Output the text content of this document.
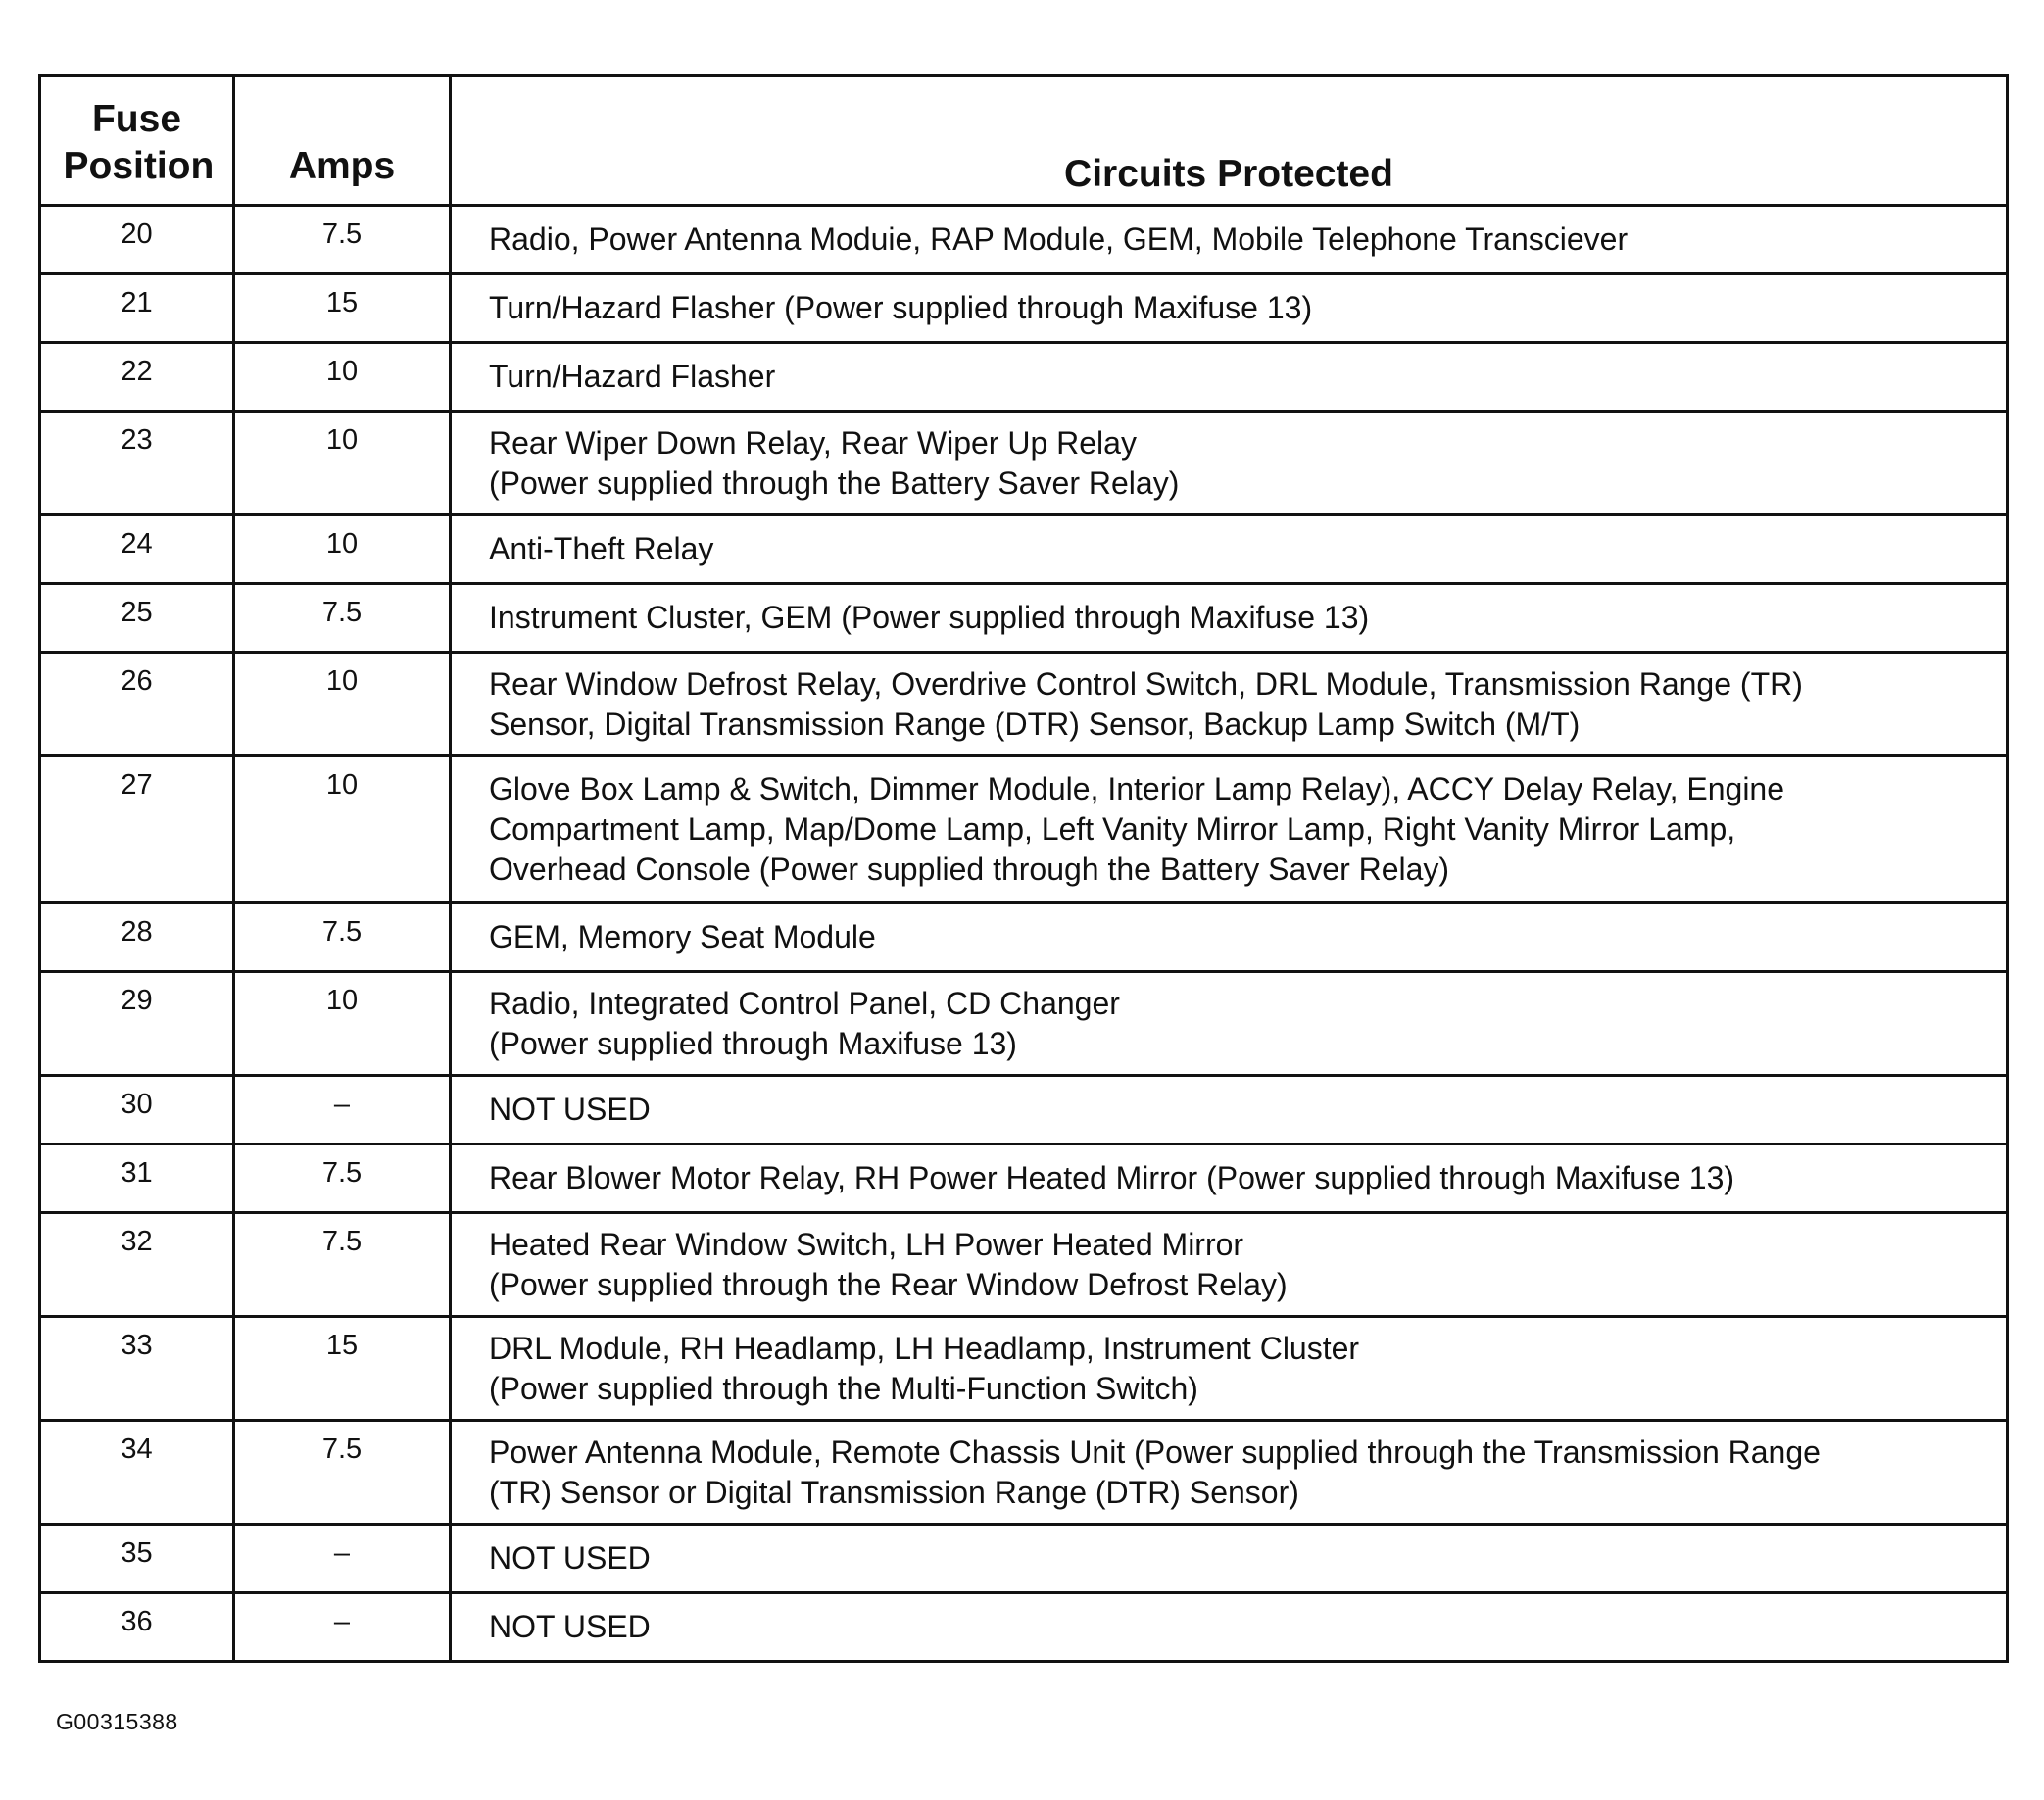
Fuse Position	Amps	Circuits Protected
20	7.5	Radio, Power Antenna Moduie, RAP Module, GEM, Mobile Telephone Transciever
21	15	Turn/Hazard Flasher (Power supplied through Maxifuse 13)
22	10	Turn/Hazard Flasher
23	10	Rear Wiper Down Relay, Rear Wiper Up Relay
(Power supplied through the Battery Saver Relay)
24	10	Anti-Theft Relay
25	7.5	Instrument Cluster, GEM (Power supplied through Maxifuse 13)
26	10	Rear Window Defrost Relay, Overdrive Control Switch, DRL Module, Transmission Range (TR)
Sensor, Digital Transmission Range (DTR) Sensor, Backup Lamp Switch (M/T)
27	10	Glove Box Lamp & Switch, Dimmer Module, Interior Lamp Relay), ACCY Delay Relay, Engine
Compartment Lamp, Map/Dome Lamp, Left Vanity Mirror Lamp, Right Vanity Mirror Lamp,
Overhead Console (Power supplied through the Battery Saver Relay)
28	7.5	GEM, Memory Seat Module
29	10	Radio, Integrated Control Panel, CD Changer
(Power supplied through Maxifuse 13)
30	–	NOT USED
31	7.5	Rear Blower Motor Relay, RH Power Heated Mirror (Power supplied through Maxifuse 13)
32	7.5	Heated Rear Window Switch, LH Power Heated Mirror
(Power supplied through the Rear Window Defrost Relay)
33	15	DRL Module, RH Headlamp, LH Headlamp, Instrument Cluster
(Power supplied through the Multi-Function Switch)
34	7.5	Power Antenna Module, Remote Chassis Unit (Power supplied through the Transmission Range
(TR) Sensor or Digital Transmission Range (DTR) Sensor)
35	–	NOT USED
36	–	NOT USED
G00315388
